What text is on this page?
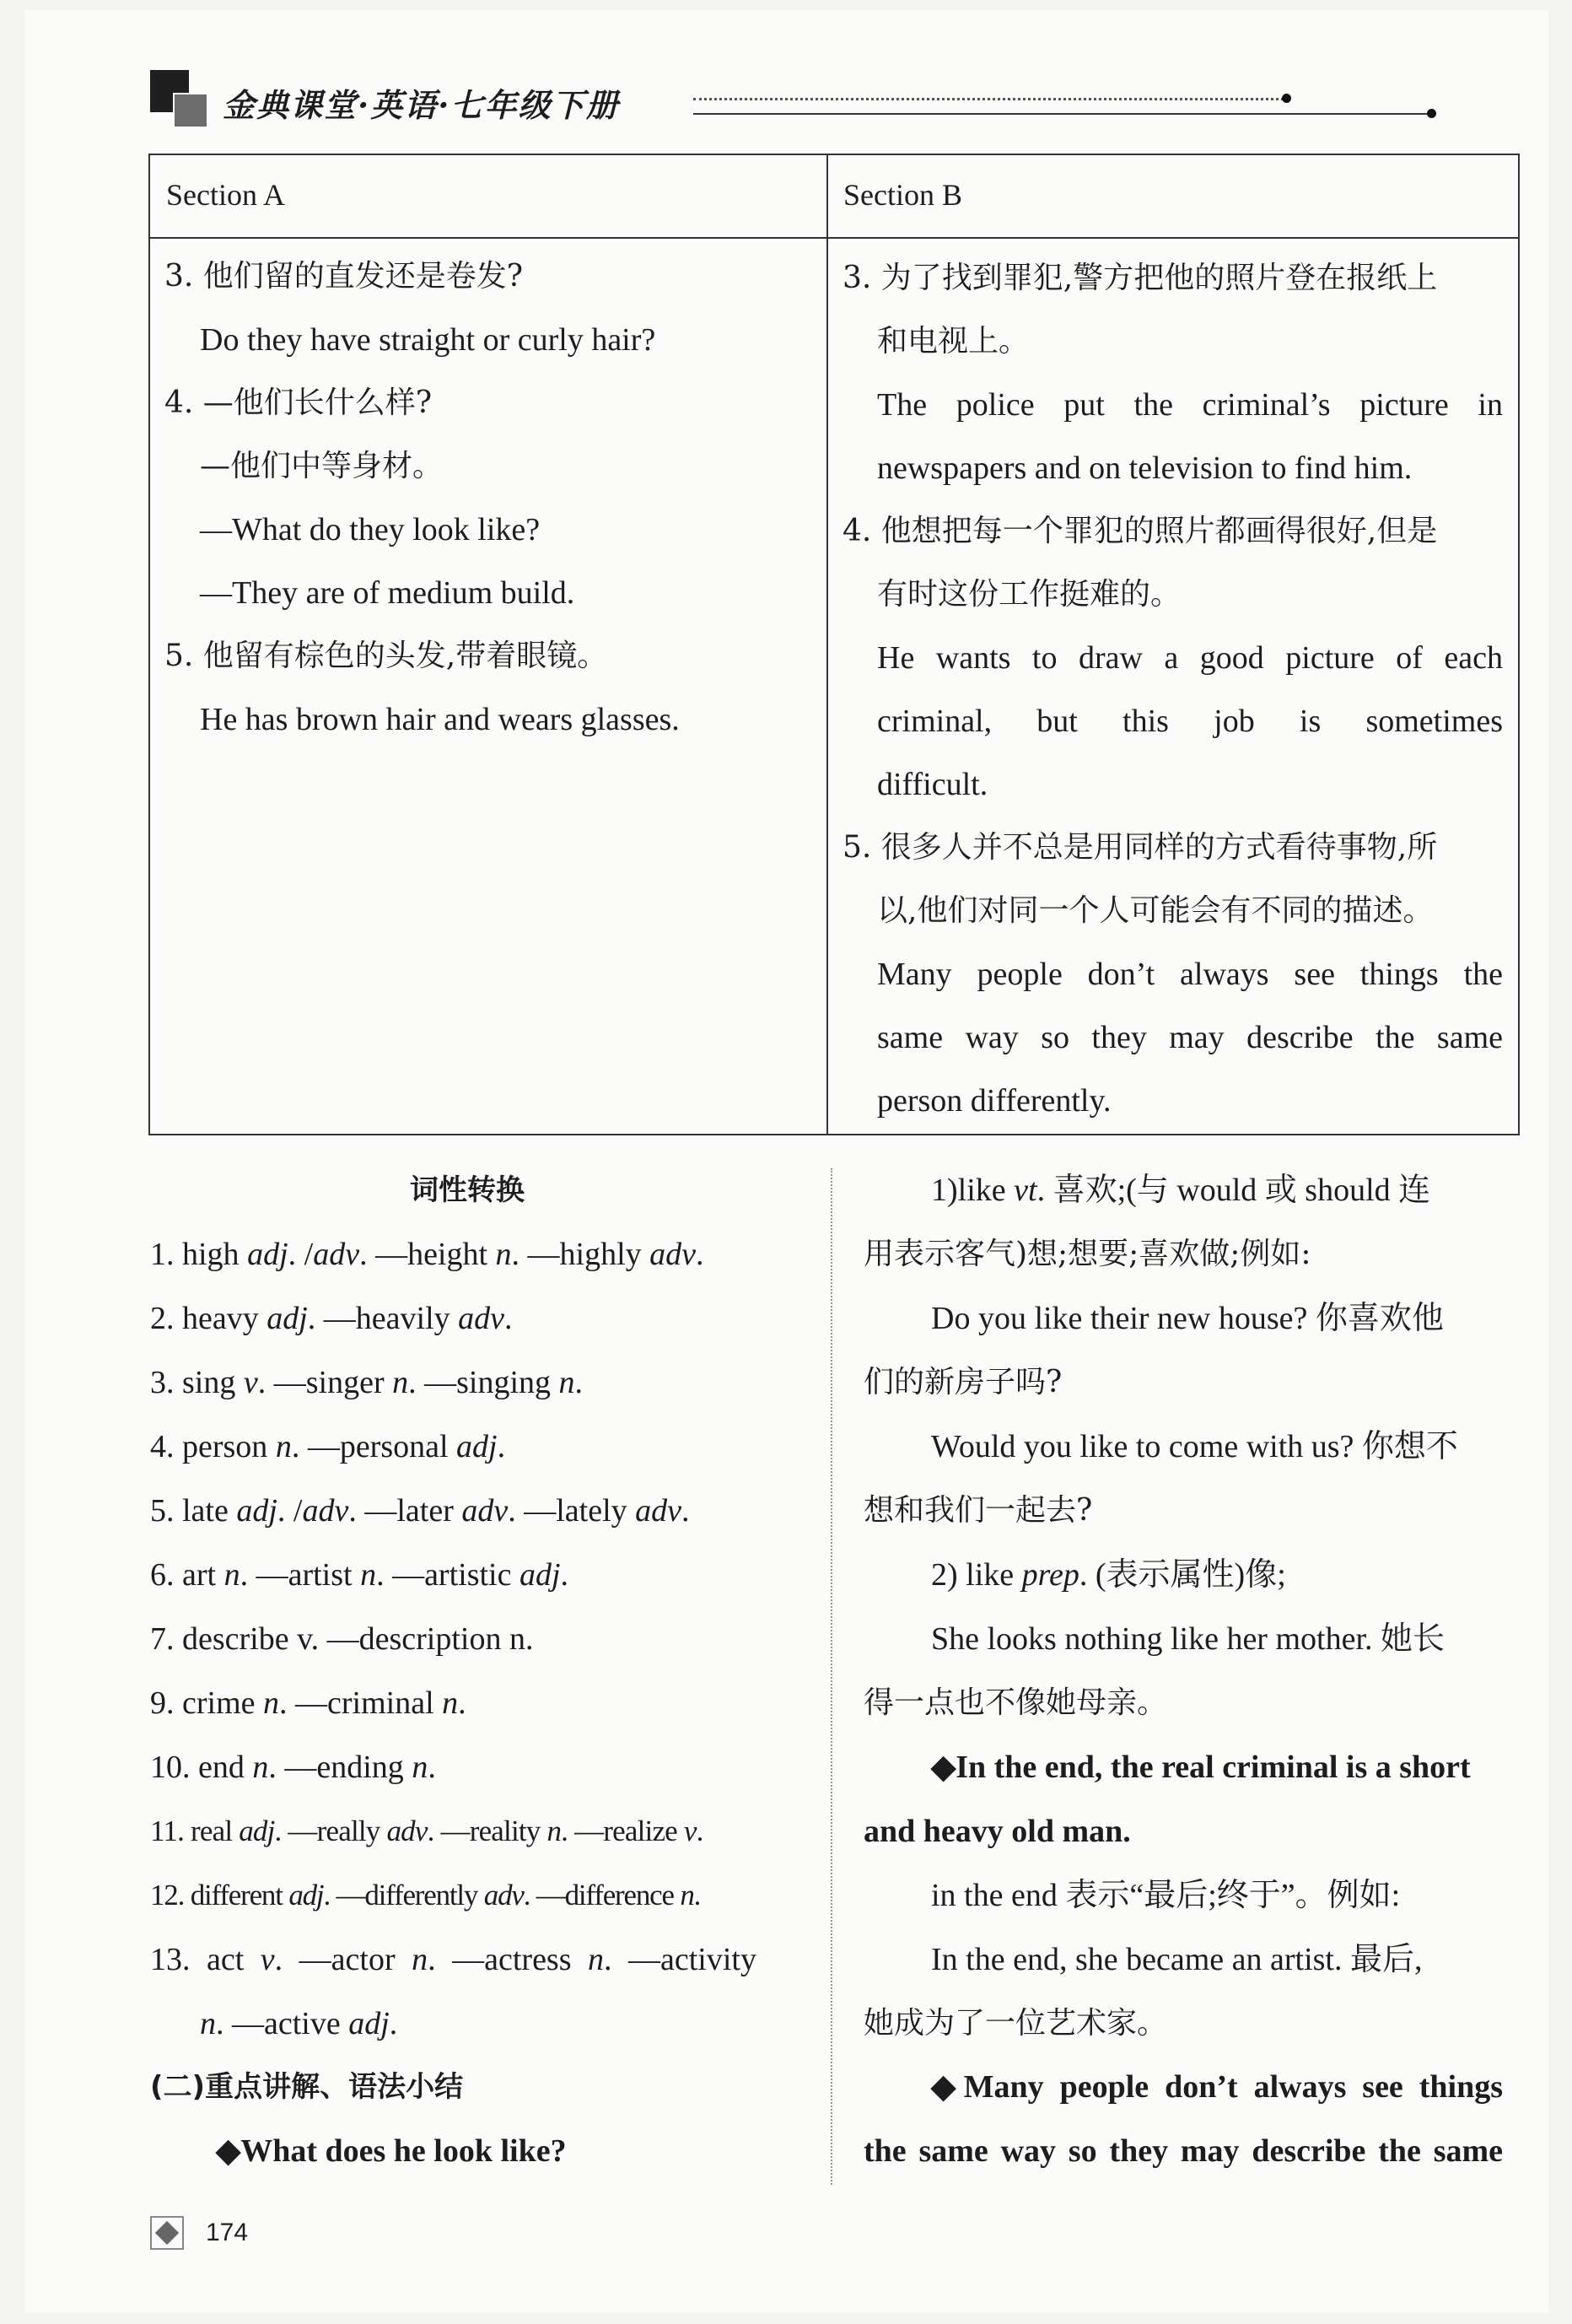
金典课堂·英语·七年级下册
Section A	Section B
3. 他们留的直发还是卷发?
Do they have straight or curly hair?
4. —他们长什么样?
—他们中等身材。
—What do they look like?
—They are of medium build.
5. 他留有棕色的头发,带着眼镜。
He has brown hair and wears glasses.
3. 为了找到罪犯,警方把他的照片登在报纸上
和电视上。
The police put the criminal’s picture in
newspapers and on television to find him.
4. 他想把每一个罪犯的照片都画得很好,但是
有时这份工作挺难的。
He wants to draw a good picture of each
criminal, but this job is sometimes
difficult.
5. 很多人并不总是用同样的方式看待事物,所
以,他们对同一个人可能会有不同的描述。
Many people don’t always see things the
same way so they may describe the same
person differently.
词性转换
1. high adj. /adv. —height n. —highly adv.
2. heavy adj. —heavily adv.
3. sing v. —singer n. —singing n.
4. person n. —personal adj.
5. late adj. /adv. —later adv. —lately adv.
6. art n. —artist n. —artistic adj.
7. describe v. —description n.
9. crime n. —criminal n.
10. end n. —ending n.
11. real adj. —really adv. —reality n. —realize v.
12. different adj. —differently adv. —difference n.
13. act v. —actor n. —actress n. —activity
n. —active adj.
(二)重点讲解、语法小结
◆What does he look like?
1)like vt. 喜欢;(与 would 或 should 连
用表示客气)想;想要;喜欢做;例如:
Do you like their new house? 你喜欢他
们的新房子吗?
Would you like to come with us? 你想不
想和我们一起去?
2) like prep. (表示属性)像;
She looks nothing like her mother. 她长
得一点也不像她母亲。
◆In the end, the real criminal is a short
and heavy old man.
in the end 表示“最后;终于”。例如:
In the end, she became an artist. 最后,
她成为了一位艺术家。
◆Many people don’t always see things
the same way so they may describe the same
174
